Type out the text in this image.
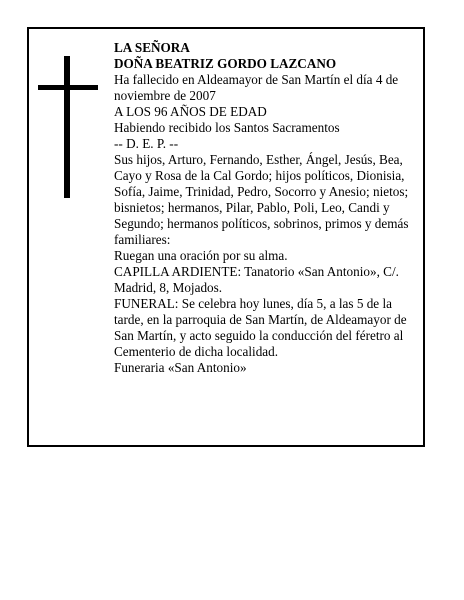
LA SEÑORA

DOÑA BEATRIZ GORDO LAZCANO

Ha fallecido en Aldeamayor de San Martín el día 4 de noviembre de 2007

A LOS 96 AÑOS DE EDAD

Habiendo recibido los Santos Sacramentos

-- D. E. P. --

Sus hijos, Arturo, Fernando, Esther, Ángel, Jesús, Bea, Cayo y Rosa de la Cal Gordo; hijos políticos, Dionisia, Sofía, Jaime, Trinidad, Pedro, Socorro y Anesio; nietos; bisnietos; hermanos, Pilar, Pablo, Poli, Leo, Candi y Segundo; hermanos políticos, sobrinos, primos y demás familiares:

Ruegan una oración por su alma.

CAPILLA ARDIENTE: Tanatorio «San Antonio», C/. Madrid, 8, Mojados.

FUNERAL: Se celebra hoy lunes, día 5, a las 5 de la tarde, en la parroquia de San Martín, de Aldeamayor de San Martín, y acto seguido la conducción del féretro al Cementerio de dicha localidad.

Funeraria «San Antonio»
